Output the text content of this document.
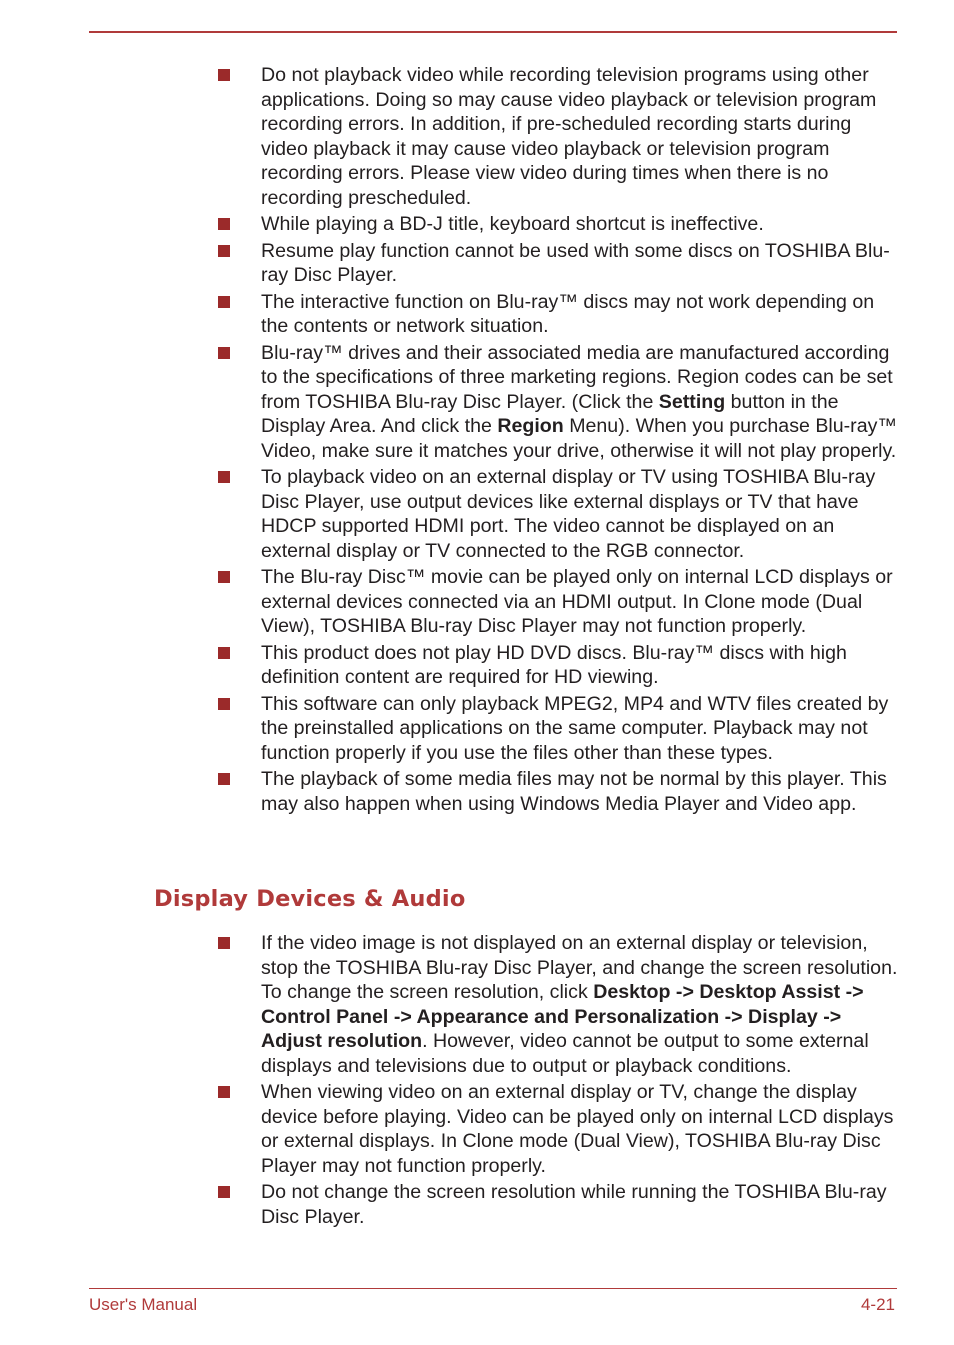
Do not playback video while recording television programs using other applications. Doing so may cause video playback or television program recording errors. In addition, if pre-scheduled recording starts during video playback it may cause video playback or television program recording errors. Please view video during times when there is no recording prescheduled.
While playing a BD-J title, keyboard shortcut is ineffective.
Resume play function cannot be used with some discs on TOSHIBA Blu-ray Disc Player.
The interactive function on Blu-ray™ discs may not work depending on the contents or network situation.
Blu-ray™ drives and their associated media are manufactured according to the specifications of three marketing regions. Region codes can be set from TOSHIBA Blu-ray Disc Player. (Click the Setting button in the Display Area. And click the Region Menu). When you purchase Blu-ray™ Video, make sure it matches your drive, otherwise it will not play properly.
To playback video on an external display or TV using TOSHIBA Blu-ray Disc Player, use output devices like external displays or TV that have HDCP supported HDMI port. The video cannot be displayed on an external display or TV connected to the RGB connector.
The Blu-ray Disc™ movie can be played only on internal LCD displays or external devices connected via an HDMI output. In Clone mode (Dual View), TOSHIBA Blu-ray Disc Player may not function properly.
This product does not play HD DVD discs. Blu-ray™ discs with high definition content are required for HD viewing.
This software can only playback MPEG2, MP4 and WTV files created by the preinstalled applications on the same computer. Playback may not function properly if you use the files other than these types.
The playback of some media files may not be normal by this player. This may also happen when using Windows Media Player and Video app.
Display Devices & Audio
If the video image is not displayed on an external display or television, stop the TOSHIBA Blu-ray Disc Player, and change the screen resolution. To change the screen resolution, click Desktop -> Desktop Assist -> Control Panel -> Appearance and Personalization -> Display -> Adjust resolution. However, video cannot be output to some external displays and televisions due to output or playback conditions.
When viewing video on an external display or TV, change the display device before playing. Video can be played only on internal LCD displays or external displays. In Clone mode (Dual View), TOSHIBA Blu-ray Disc Player may not function properly.
Do not change the screen resolution while running the TOSHIBA Blu-ray Disc Player.
User's Manual	4-21
